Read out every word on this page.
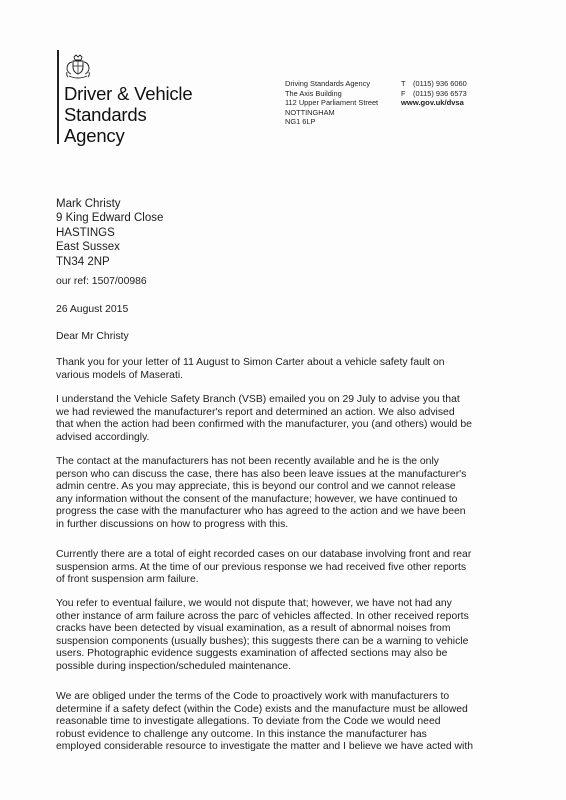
Driver & Vehicle
Standards
Agency
Driving Standards Agency
The Axis Building
112 Upper Parliament Street
NOTTINGHAM
NG1 6LP
T (0115) 936 6060
F (0115) 936 6573
www.gov.uk/dvsa
Mark Christy
9 King Edward Close
HASTINGS
East Sussex
TN34 2NP
our ref: 1507/00986
26 August 2015
Dear Mr Christy
Thank you for your letter of 11 August to Simon Carter about a vehicle safety fault on
various models of Maserati.
I understand the Vehicle Safety Branch (VSB) emailed you on 29 July to advise you that
we had reviewed the manufacturer's report and determined an action. We also advised
that when the action had been confirmed with the manufacturer, you (and others) would be
advised accordingly.
The contact at the manufacturers has not been recently available and he is the only
person who can discuss the case, there has also been leave issues at the manufacturer's
admin centre. As you may appreciate, this is beyond our control and we cannot release
any information without the consent of the manufacture; however, we have continued to
progress the case with the manufacturer who has agreed to the action and we have been
in further discussions on how to progress with this.
Currently there are a total of eight recorded cases on our database involving front and rear
suspension arms. At the time of our previous response we had received five other reports
of front suspension arm failure.
You refer to eventual failure, we would not dispute that; however, we have not had any
other instance of arm failure across the parc of vehicles affected. In other received reports
cracks have been detected by visual examination, as a result of abnormal noises from
suspension components (usually bushes); this suggests there can be a warning to vehicle
users. Photographic evidence suggests examination of affected sections may also be
possible during inspection/scheduled maintenance.
We are obliged under the terms of the Code to proactively work with manufacturers to
determine if a safety defect (within the Code) exists and the manufacture must be allowed
reasonable time to investigate allegations. To deviate from the Code we would need
robust evidence to challenge any outcome. In this instance the manufacturer has
employed considerable resource to investigate the matter and I believe we have acted with
